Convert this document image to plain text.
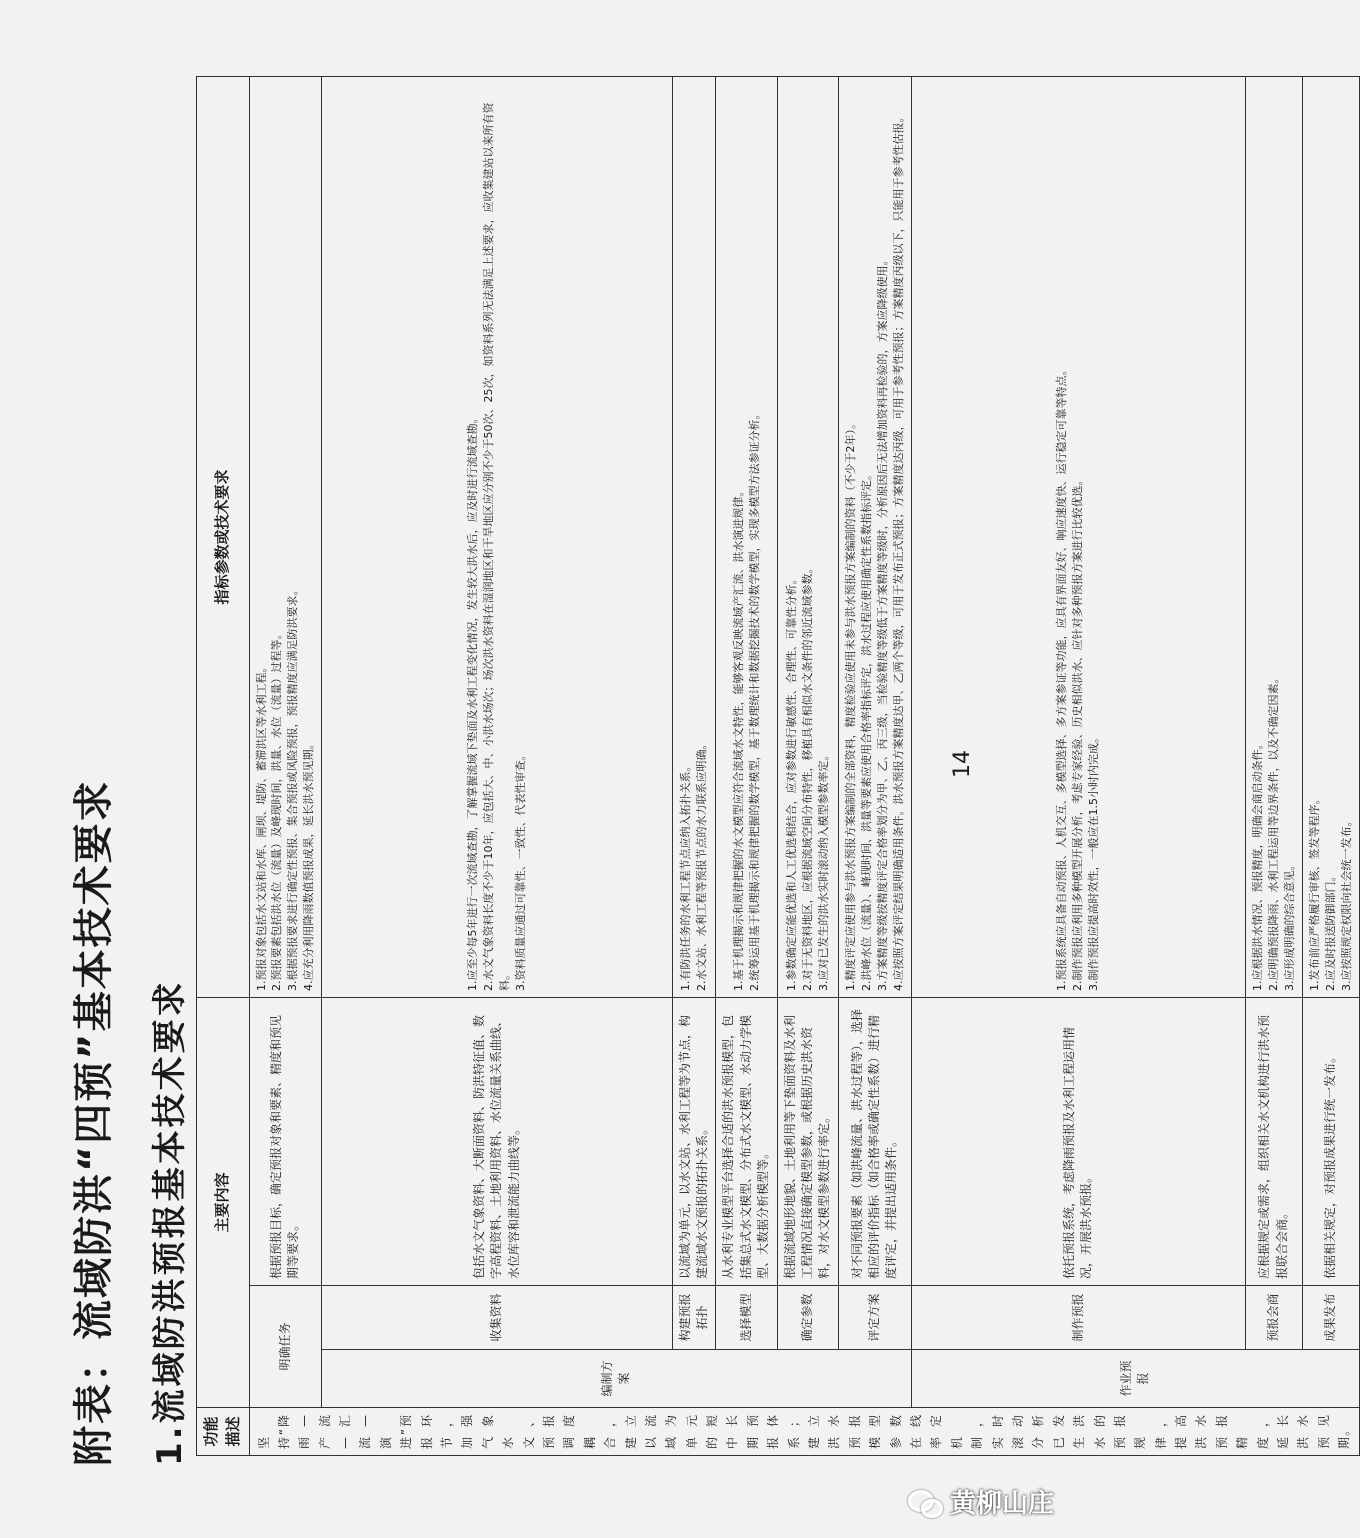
附表：流域防洪“四预”基本技术要求 1.流域防洪预报基本技术要求 功能描述	主要内容			指标参数或技术要求
坚持“降雨—产流—汇流—演进”预报环节，加强气象水文、预报调度耦合，建立以流域为单元的短中长期预报体系；建立洪水预报模型参数在线率定机制，实时滚动分析已发生洪水的预报规律，提高洪水预报精度，延长洪水预见期。	明确任务		根据预报目标，确定预报对象和要素、精度和预见期等要求。	1.预报对象包括水文站和水库、闸坝、堤防、蓄滞洪区等水利工程。 2.预报要素包括洪水位（流量）及峰现时间，洪量、水位（流量）过程等。 3.根据预报要求进行确定性预报、集合预报或风险预报，预报精度应满足防洪要求。 4.应充分利用降雨数值预报成果，延长洪水预见期。

	编制方案	收集资料	包括水文气象资料、大断面资料、防洪特征值、数字高程资料、土地利用资料、水位流量关系曲线、水位库容和泄流能力曲线等。	1.应至少每5年进行一次流域查勘，了解掌握流域下垫面及水利工程变化情况，发生较大洪水后，应及时进行流域查勘。 2.水文气象资料长度不少于10年，应包括大、中、小洪水场次；场次洪水资料在湿润地区和干旱地区应分别不少于50次、25次，如资料系列无法满足上述要求，应收集建站以来所有资料。 3.资料质量应通过可靠性、一致性、代表性审查。

		构建预报拓扑	以流域为单元，以水文站、水利工程等为节点，构建流域水文预报的拓扑关系。	1.有防洪任务的水利工程节点应纳入拓扑关系。 2.水文站、水利工程等预报节点的水力联系应明确。

		选择模型	从水利专业模型平台选择合适的洪水预报模型，包括集总式水文模型、分布式水文模型、水动力学模型、大数据分析模型等。	1.基于机理揭示和规律把握的水文模型应符合流域水文特性，能够客观反映流域产汇流、洪水演进规律。 2.统筹运用基于机理揭示和规律把握的数学模型，基于数理统计和数据挖掘技术的数学模型，实现多模型方法参证分析。

		确定参数	根据流域地形地貌、土地利用等下垫面资料及水利工程情况直接确定模型参数，或根据历史洪水资料，对水文模型参数进行率定。	1.参数确定应能优选和人工优选相结合，应对参数进行敏感性、合理性、可靠性分析。 2.对于无资料地区，应根据流域空间分布特性，移植具有相似水文条件的邻近流域参数。 3.应对已发生的洪水实时滚动纳入模型参数率定。

		评定方案	对不同预报要素（如洪峰流量、洪水过程等），选择相应的评价指标（如合格率或确定性系数）进行精度评定，并提出适用条件。	1.精度评定应使用参与洪水预报方案编制的全部资料，精度检验应使用未参与洪水预报方案编制的资料（不少于2年）。 2.洪峰水位（流量）、峰现时间、洪量等要素应使用合格率指标评定，洪水过程应使用确定性系数指标评定。 3.方案精度等级按精度评定合格率划分为甲、乙、丙三级，当检验精度等级低于方案精度等级时，分析原因后无法增加资料再检验的，方案应降级使用。 4.应按照方案评定结果明确适用条件。洪水预报方案精度达甲、乙两个等级，可用于发布正式预报；方案精度达丙级，可用于参考性预报；方案精度丙级以下，只能用于参考性估报。

	作业预报	制作预报	依托预报系统，考虑降雨预报及水利工程运用情况，开展洪水预报。	1.预报系统应具备自动预报、人机交互、多模型选择、多方案参证等功能，应具有界面友好、响应速度快、运行稳定可靠等特点。 2.制作预报应利用多种模型开展分析，考虑专家经验、历史相似洪水、应针对多种预报方案进行比较优选。 3.制作预报应提高时效性，一般应在1.5小时内完成。

		预报会商	应根据规定或需求，组织相关水文机构进行洪水预报联合会商。	1.应根据洪水情况、预报精度，明确会商启动条件。 2.应明确预报降雨、水利工程运用等边界条件，以及不确定因素。 3.应形成明确的综合意见。

		成果发布	依据相关规定，对预报成果进行统一发布。	1.发布前应严格履行审核、签发等程序。 2.应及时报送防御部门。 3.应按照规定权限向社会统一发布。

14

黄柳山庄
